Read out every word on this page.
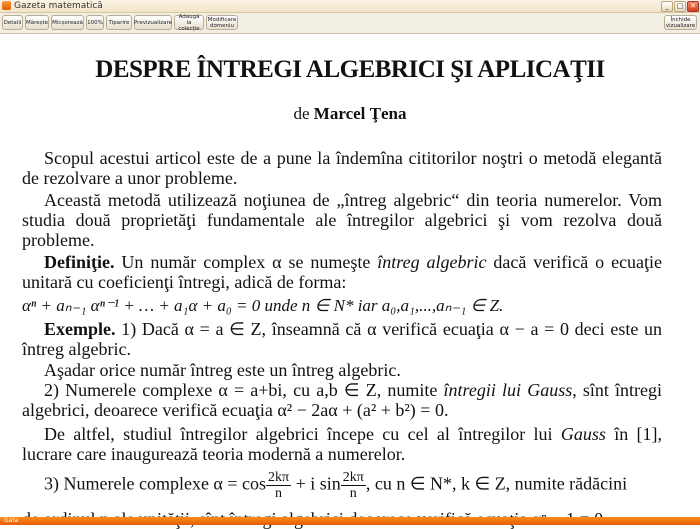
Gazeta matematică	_	□ ✕
Detalii Mărește Micșorează 100%	Tiparire Previzualizare
Adaugă la colecție
Modificare domeniu
Închide vizualizare
DESPRE ÎNTREGI ALGEBRICI ŞI APLICAŢII
de Marcel Ţena

Scopul acestui articol este de a pune la îndemîna cititorilor noştri o metodă elegantă de rezolvare a unor probleme.

Această metodă utilizează noţiunea de „întreg algebric“ din teoria numerelor. Vom studia două proprietăţi fundamentale ale întregilor algebrici şi vom rezolva două probleme.

Definiţie. Un număr complex α se numeşte întreg algebric dacă verifică o ecuaţie unitară cu coeficienţi întregi, adică de forma:

αⁿ + aₙ₋₁ αⁿ⁻¹ + … + a₁α + a₀ = 0 unde n ∈ N* iar a₀,a₁,...,aₙ₋₁ ∈ Z.

Exemple. 1) Dacă α = a ∈ Z, înseamnă că α verifică ecuaţia α − a = 0 deci este un întreg algebric.

Aşadar orice număr întreg este un întreg algebric.

2) Numerele complexe α = a+bi, cu a,b ∈ Z, numite întregii lui Gauss, sînt întregi algebrici, deoarece verifică ecuaţia α² − 2aα + (a² + b²) = 0.

De altfel, studiul întregilor algebrici începe cu cel al întregilor lui Gauss în [1], lucrare care inaugurează teoria modernă a numerelor.

3) Numerele complexe $\alpha = \cos \frac{2k\pi}{n} + i$ $\sin \frac{2k\pi}{n}$ , cu n ∈ N*, k ∈ Z, numite rădăcini

Gata
